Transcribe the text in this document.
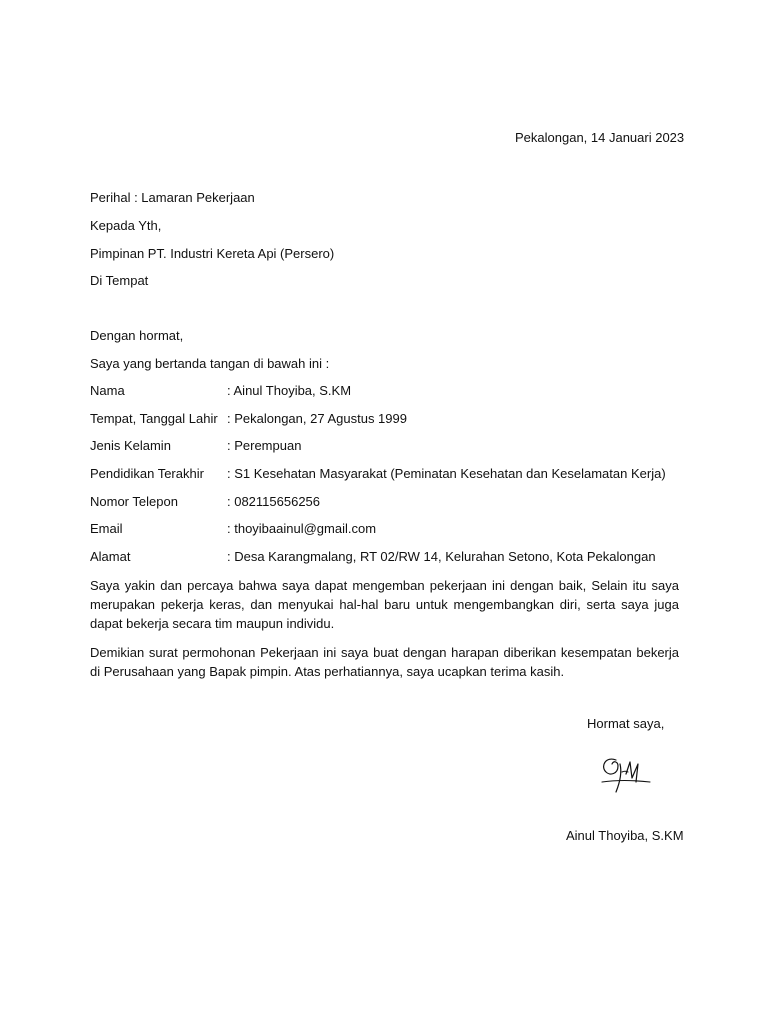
Pekalongan, 14 Januari 2023
Perihal : Lamaran Pekerjaan
Kepada Yth,
Pimpinan PT. Industri Kereta Api (Persero)
Di Tempat
Dengan hormat,
Saya yang bertanda tangan di bawah ini :
Nama	: Ainul Thoyiba, S.KM
Tempat, Tanggal Lahir : Pekalongan, 27 Agustus 1999
Jenis Kelamin	: Perempuan
Pendidikan Terakhir : S1 Kesehatan Masyarakat (Peminatan Kesehatan dan Keselamatan Kerja)
Nomor Telepon	: 082115656256
Email	: thoyibaainul@gmail.com
Alamat	: Desa Karangmalang, RT 02/RW 14, Kelurahan Setono, Kota Pekalongan
Saya yakin dan percaya bahwa saya dapat mengemban pekerjaan ini dengan baik, Selain itu saya merupakan pekerja keras, dan menyukai hal-hal baru untuk mengembangkan diri, serta saya juga dapat bekerja secara tim maupun individu.
Demikian surat permohonan Pekerjaan ini saya buat dengan harapan diberikan kesempatan bekerja di Perusahaan yang Bapak pimpin. Atas perhatiannya, saya ucapkan terima kasih.
Hormat saya,
Ainul Thoyiba, S.KM
